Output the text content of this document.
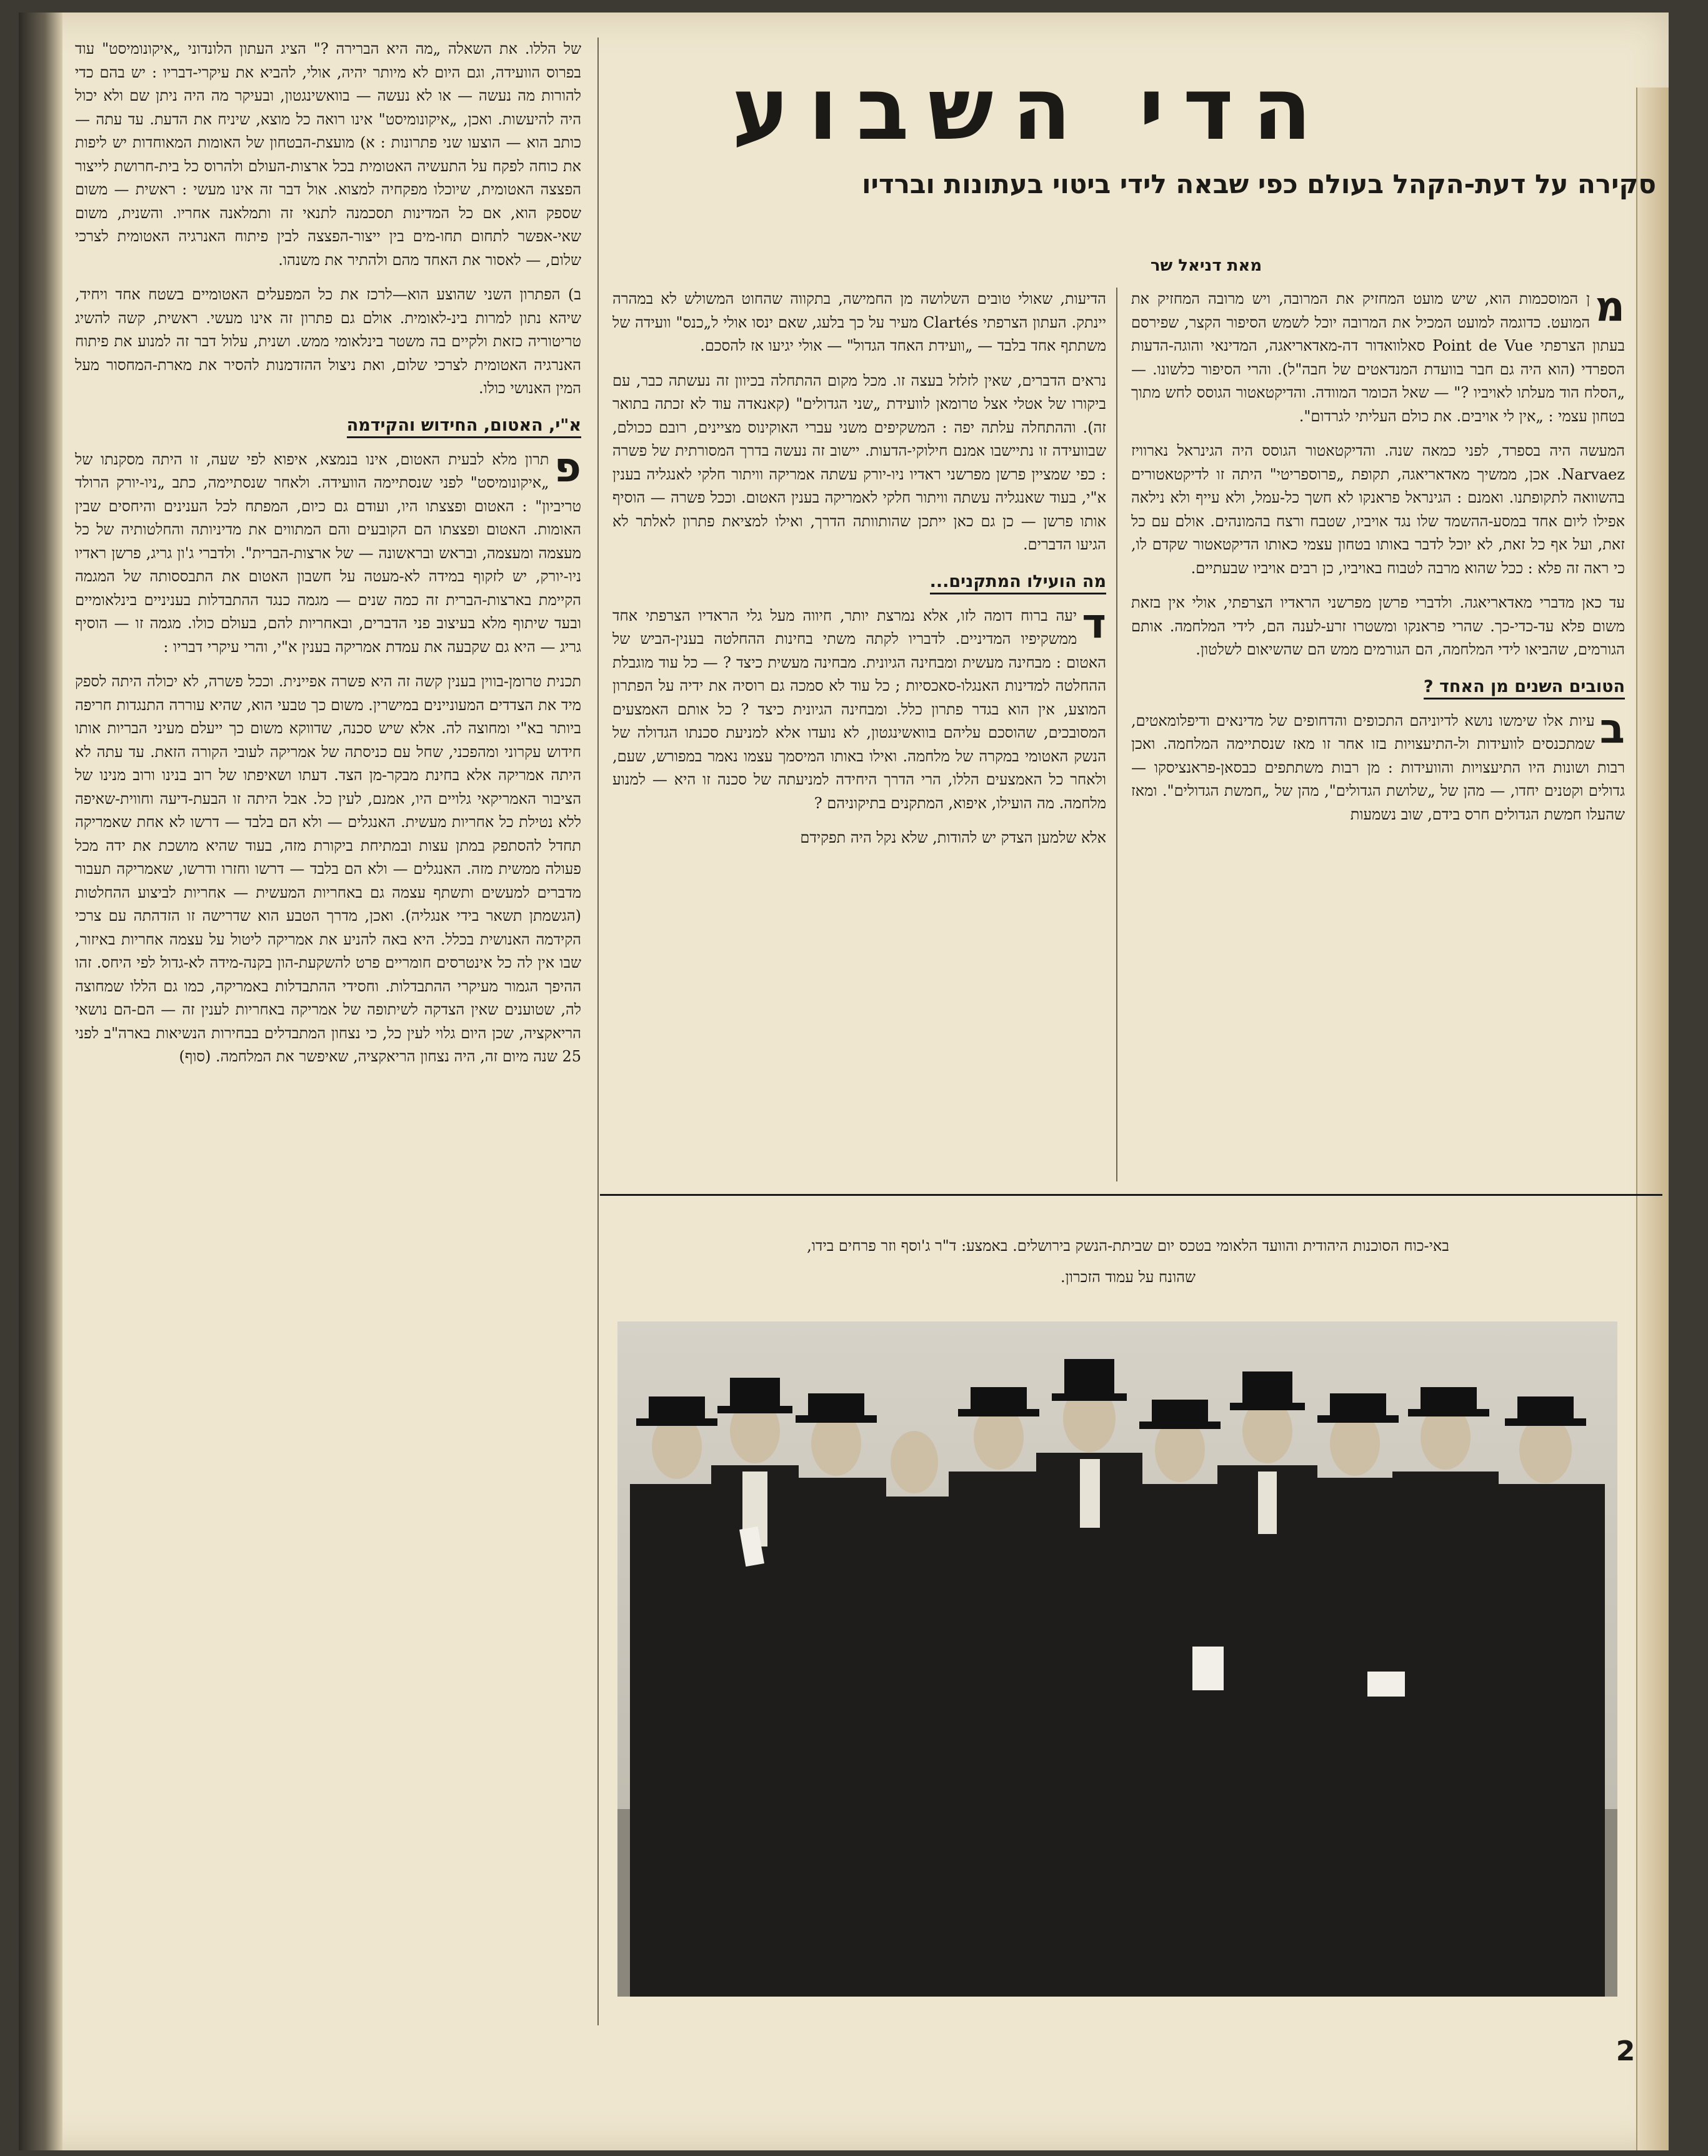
הדי השבוע
סקירה על דעת-הקהל בעולם כפי שבאה לידי ביטוי בעתונות וברדיו
מאת דניאל שר

מ
ן המוסכמות הוא, שיש מועט המחזיק את המרובה, ויש מרובה המחזיק את המועט. כדוגמה למועט המכיל את המרובה יוכל לשמש הסיפור הקצר, שפירסם בעתון הצרפתי Point de Vue סאלוואדור דה-מאדאריאגה, המדינאי והוגה-הדעות הספרדי (הוא היה גם חבר בוועדת המנדאטים של חבה"ל). והרי הסיפור כלשונו. — „הסלח הוד מעלתו לאויביו ?" — שאל הכומר המוודה. והדיקטאטור הגוסס לחש מתוך בטחון עצמי : „אין לי אויבים. את כולם העליתי לגרדום".

המעשה היה בספרד, לפני כמאה שנה. והדיקטאטור הגוסס היה הגינראל נארוויז Narvaez. אכן, ממשיך מאדאריאגה, תקופת „פרוספריטי" היתה זו לדיקטאטורים בהשוואה לתקופתנו. ואמנם : הגינראל פראנקו לא חשך כל-עמל, ולא עייף ולא נילאה אפילו ליום אחד במסע-ההשמד שלו נגד אויביו, שטבח ורצח בהמונהים. אולם עם כל זאת, ועל אף כל זאת, לא יוכל לדבר באותו בטחון עצמי כאותו הדיקטאטור שקדם לו, כי ראה זה פלא : ככל שהוא מרבה לטבוח באויביו, כן רבים אויביו שבעתיים.

עד כאן מדברי מאדאריאגה. ולדברי פרשן מפרשני הראדיו הצרפתי, אולי אין בזאת משום פלא עד-כדי-כך. שהרי פראנקו ומשטרו זרע-לענה הם, לידי המלחמה. אותם הגורמים, שהביאו לידי המלחמה, הם הגורמים ממש הם שהשיאום לשלטון.

הטובים השנים מן האחד ?

ב
עיות אלו שימשו נושא לדיוניהם התכופים והדחופים של מדינאים ודיפלומאטים, שמתכנסים לוועידות ול-התיעצויות בזו אחר זו מאז שנסתיימה המלחמה. ואכן רבות ושונות היו התיעצויות והוועידות : מן רבות משתתפים כבסאן-פראנציסקו — גדולים וקטנים יחדו, — מהן של „שלושת הגדולים", מהן של „חמשת הגדולים". ומאז שהעלו חמשת הגדולים חרס בידם, שוב נשמעות

הדיעות, שאולי טובים השלושה מן החמישה, בתקווה שהחוט המשולש לא במהרה יינתק. העתון הצרפתי Clartés מעיר על כך בלעג, שאם ינסו אולי ל„כנס" וועידה של משתתף אחד בלבד — „וועידת האחד הגדול" — אולי יגיעו אז להסכם.

נראים הדברים, שאין לזלזל בעצה זו. מכל מקום ההתחלה בכיוון זה נעשתה כבר, עם ביקורו של אטלי אצל טרומאן לוועידת „שני הגדולים" (קאנאדה עוד לא זכתה בתואר זה). וההתחלה עלתה יפה : המשקיפים משני עברי האוקינוס מציינים, רובם ככולם, שבוועידה זו נתיישבו אמנם חילוקי-הדעות. יישוב זה נעשה בדרך המסורתית של פשרה : כפי שמציין פרשן מפרשני ראדיו ניו-יורק עשתה אמריקה וויתור חלקי לאנגליה בענין א"י, בעוד שאנגליה עשתה וויתור חלקי לאמריקה בענין האטום. וככל פשרה — הוסיף אותו פרשן — כן גם כאן ייתכן שהותוותה הדרך, ואילו למציאת פתרון לאלתר לא הגיעו הדברים.

מה הועילו המתקנים...

ד
יעה ברוח דומה לזו, אלא נמרצת יותר, חיווה מעל גלי הראדיו הצרפתי אחד ממשקיפיו המדיניים. לדבריו לקתה משתי בחינות ההחלטה בענין-הביש של האטום : מבחינה מעשית ומבחינה הגיונית. מבחינה מעשית כיצד ? — כל עוד מוגבלת ההחלטה למדינות האנגלו-סאכסיות ; כל עוד לא סמכה גם רוסיה את ידיה על הפתרון המוצע, אין הוא בגדר פתרון כלל. ומבחינה הגיונית כיצד ? כל אותם האמצעים המסובכים, שהוסכם עליהם בוואשינגטון, לא נועדו אלא למניעת סכנתו הגדולה של הנשק האטומי במקרה של מלחמה. ואילו באותו המיסמך עצמו נאמר במפורש, שעם, ולאחר כל האמצעים הללו, הרי הדרך היחידה למניעתה של סכנה זו היא — למנוע מלחמה. מה הועילו, איפוא, המתקנים בתיקוניהם ?

אלא שלמען הצדק יש להודות, שלא נקל היה תפקידם

של הללו. את השאלה „מה היא הברירה ?" הציג העתון הלונדוני „איקונומיסט" עוד בפרוס הוועידה, וגם היום לא מיותר יהיה, אולי, להביא את עיקרי-דבריו : יש בהם כדי להורות מה נעשה — או לא נעשה — בוואשינגטון, ובעיקר מה היה ניתן שם ולא יכול היה להיעשות. ואכן, „איקונומיסט" אינו רואה כל מוצא, שיניח את הדעת. עד עתה — כותב הוא — הוצעו שני פתרונות : א) מועצת-הבטחון של האומות המאוחדות יש ליפות את כוחה לפקח על התעשיה האטומית בכל ארצות-העולם ולהרוס כל בית-חרושת לייצור הפצצה האטומית, שיוכלו מפקחיה למצוא. אול דבר זה אינו מעשי : ראשית — משום שספק הוא, אם כל המדינות תסכמנה לתנאי זה ותמלאנה אחריו. והשנית, משום שאי-אפשר לתחום תחו-מים בין ייצור-הפצצה לבין פיתוח האנרגיה האטומית לצרכי שלום, — לאסור את האחד מהם ולהתיר את משנהו.

ב) הפתרון השני שהוצע הוא—לרכז את כל המפעלים האטומיים בשטח אחד ויחיד, שיהא נתון למרות בינ-לאומית. אולם גם פתרון זה אינו מעשי. ראשית, קשה להשיג טריטוריה כזאת ולקיים בה משטר בינלאומי ממש. ושנית, עלול דבר זה למנוע את פיתוח האנרגיה האטומית לצרכי שלום, ואת ניצול ההזדמנות להסיר את מארת-המחסור מעל המין האנושי כולו.

א"י, האטום, החידוש והקידמה

פ
תרון מלא לבעית האטום, אינו בנמצא, איפוא לפי שעה, זו היתה מסקנתו של „איקונומיסט" לפני שנסתיימה הוועידה. ולאחר שנסתיימה, כתב „ניו-יורק הרולד טריביון" : האטום ופצצתו היו, ועודם גם כיום, המפתח לכל הענינים והיחסים שבין האומות. האטום ופצצתו הם הקובעים והם המתווים את מדיניותה והחלטותיה של כל מעצמה ומעצמה, ובראש ובראשונה — של ארצות-הברית". ולדברי ג'ון גריג, פרשן ראדיו ניו-יורק, יש לזקוף במידה לא-מעטה על חשבון האטום את התבססותה של המגמה הקיימת בארצות-הברית זה כמה שנים — מגמה כנגד ההתבדלות בעניניים בינלאומיים ובעד שיתוף מלא בעיצוב פני הדברים, ובאחריות להם, בעולם כולו. מגמה זו — הוסיף גריג — היא גם שקבעה את עמדת אמריקה בענין א"י, והרי עיקרי דבריו :

תכנית טרומן-בווין בענין קשה זה היא פשרה אפיינית. וככל פשרה, לא יכולה היתה לספק מיד את הצדדים המעוניינים במישרין. משום כך טבעי הוא, שהיא עוררה התנגדות חריפה ביותר בא"י ומחוצה לה. אלא שיש סכנה, שדווקא משום כך ייעלם מעיני הבריות אותו חידוש עקרוני ומהפכני, שחל עם כניסתה של אמריקה לעובי הקורה הזאת. עד עתה לא היתה אמריקה אלא בחינת מבקר-מן הצד. דעתו ושאיפתו של רוב בנינו ורוב מנינו של הציבור האמריקאי גלויים היו, אמנם, לעין כל. אבל היתה זו הבעת-דיעה וחווית-שאיפה ללא נטילת כל אחריות מעשית. האנגלים — ולא הם בלבד — דרשו לא אחת שאמריקה תחדל להסתפק במתן עצות ובמתיחת ביקורת מזה, בעוד שהיא מושכת את ידה מכל פעולה ממשית מזה. האנגלים — ולא הם בלבד — דרשו וחזרו ודרשו, שאמריקה תעבור מדברים למעשים ותשתף עצמה גם באחריות המעשית — אחריות לביצוע ההחלטות (הגשמתן תשאר בידי אנגליה). ואכן, מדרך הטבע הוא שדרישה זו הזדהתה עם צרכי הקידמה האנושית בכלל. היא באה להניע את אמריקה ליטול על עצמה אחריות באיזור, שבו אין לה כל אינטרסים חומריים פרט להשקעת-הון בקנה-מידה לא-גדול לפי היחס. זהו ההיפך הגמור מעיקרי ההתבדלות. וחסידי ההתבדלות באמריקה, כמו גם הללו שמחוצה לה, שטוענים שאין הצדקה לשיתופה של אמריקה באחריות לענין זה — הם-הם נושאי הריאקציה, שכן היום גלוי לעין כל, כי נצחון המתבדלים בבחירות הנשיאות בארה"ב לפני 25 שנה מיום זה, היה נצחון הריאקציה, שאיפשר את המלחמה. (סוף)

באי-כוח הסוכנות היהודית והוועד הלאומי בטכס יום שביתת-הנשק בירושלים. באמצע: ד"ר ג'וסף וזר פרחים בידו,
שהונח על עמוד הזכרון.
2
